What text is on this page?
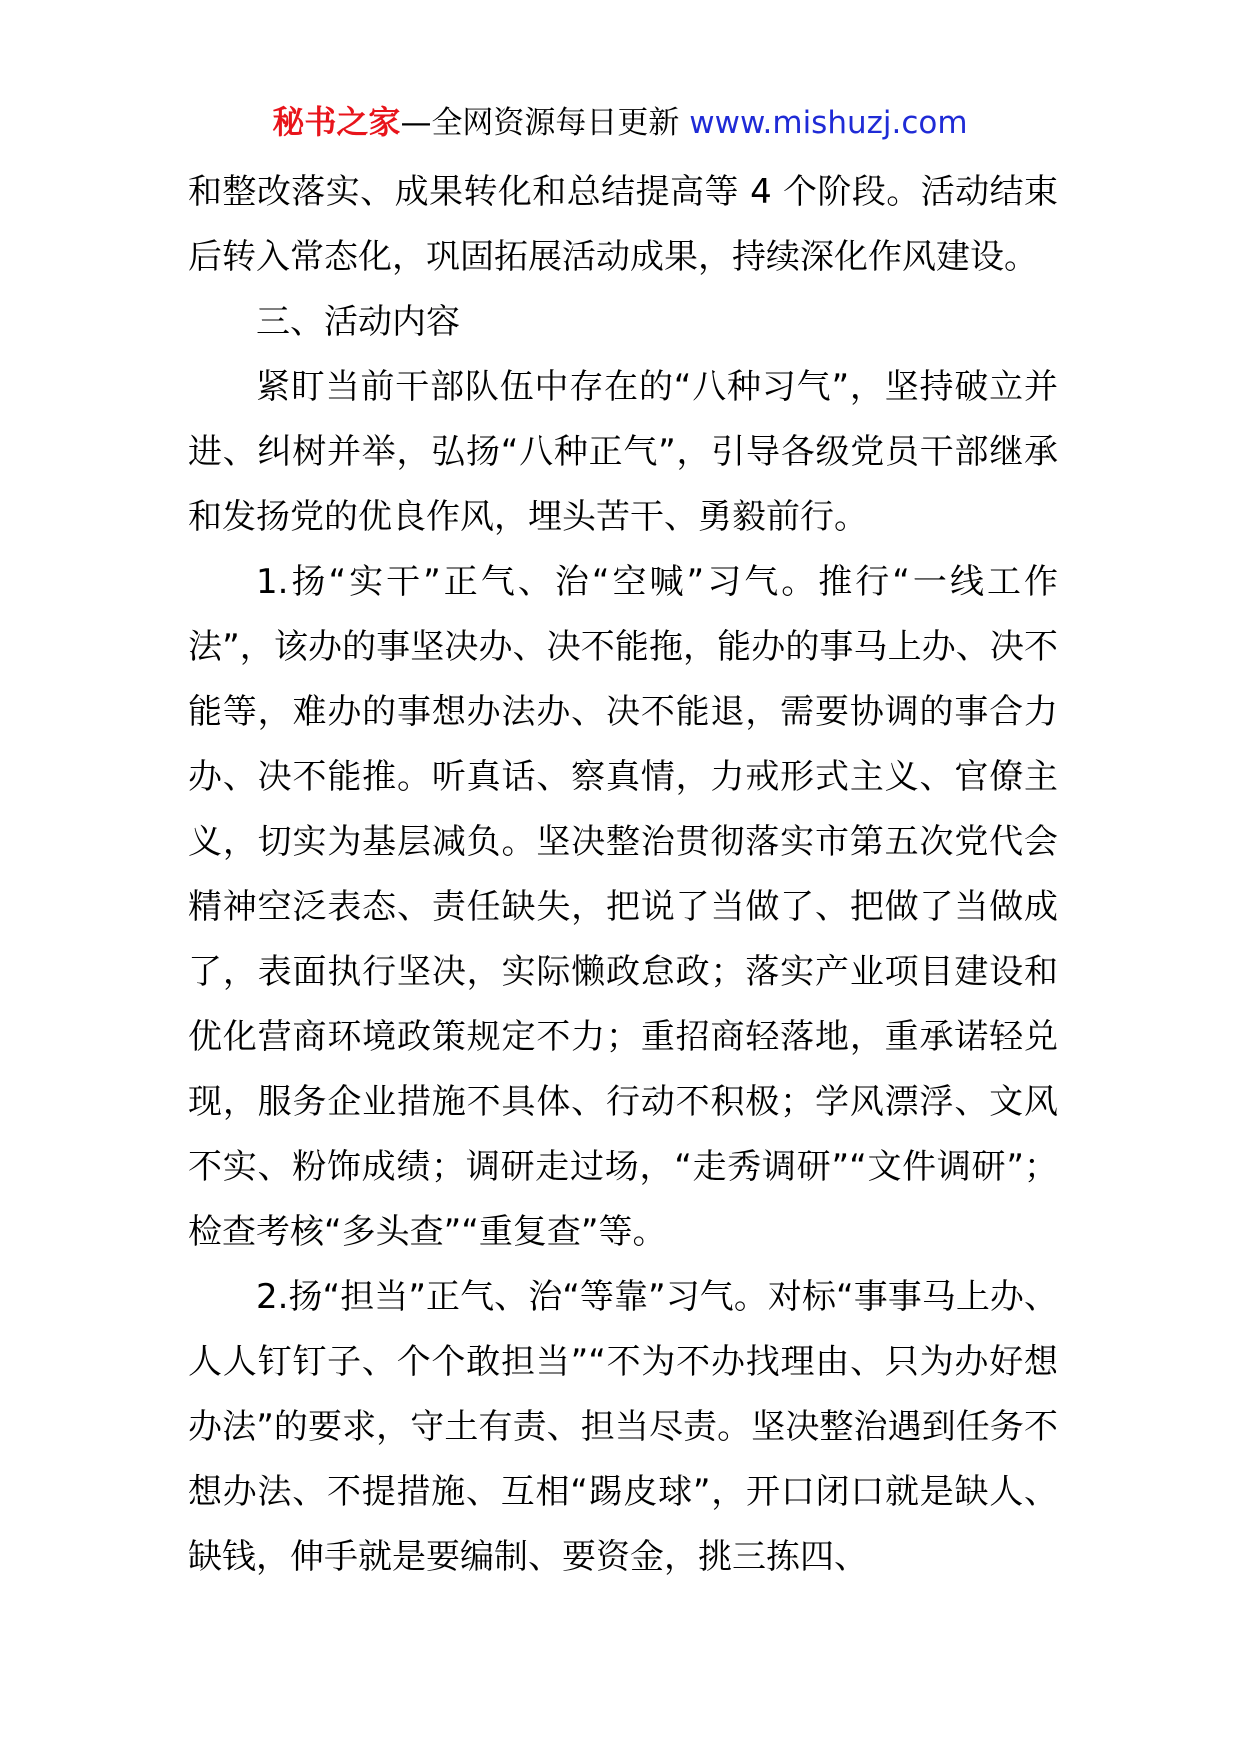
秘书之家—全网资源每日更新 www.mishuzj.com

和整改落实、成果转化和总结提高等 4 个阶段。活动结束后转入常态化，巩固拓展活动成果，持续深化作风建设。

三、活动内容

紧盯当前干部队伍中存在的“八种习气”，坚持破立并进、纠树并举，弘扬“八种正气”，引导各级党员干部继承和发扬党的优良作风，埋头苦干、勇毅前行。

1.扬“实干”正气、治“空喊”习气。推行“一线工作法”，该办的事坚决办、决不能拖，能办的事马上办、决不能等，难办的事想办法办、决不能退，需要协调的事合力办、决不能推。听真话、察真情，力戒形式主义、官僚主义，切实为基层减负。坚决整治贯彻落实市第五次党代会精神空泛表态、责任缺失，把说了当做了、把做了当做成了，表面执行坚决，实际懒政怠政；落实产业项目建设和优化营商环境政策规定不力；重招商轻落地，重承诺轻兑现，服务企业措施不具体、行动不积极；学风漂浮、文风不实、粉饰成绩；调研走过场，“走秀调研”“文件调研”；检查考核“多头查”“重复查”等。

2.扬“担当”正气、治“等靠”习气。对标“事事马上办、人人钉钉子、个个敢担当”“不为不办找理由、只为办好想办法”的要求，守土有责、担当尽责。坚决整治遇到任务不想办法、不提措施、互相“踢皮球”，开口闭口就是缺人、缺钱，伸手就是要编制、要资金，挑三拣四、
